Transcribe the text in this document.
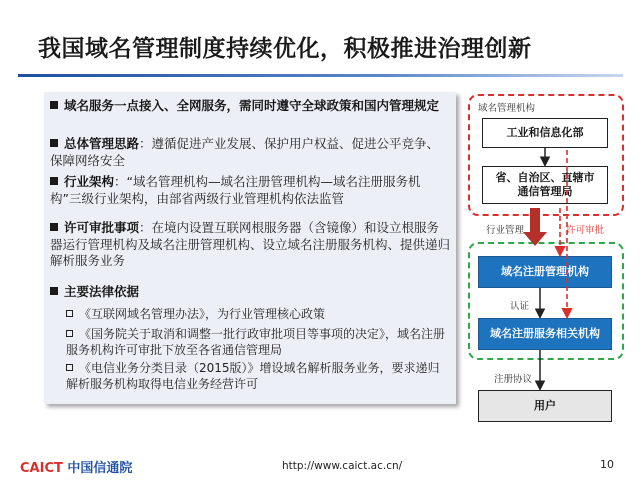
我国域名管理制度持续优化，积极推进治理创新
域名服务一点接入、全网服务，需同时遵守全球政策和国内管理规定
总体管理思路：遵循促进产业发展、保护用户权益、促进公平竞争、保障网络安全
行业架构：“域名管理机构—域名注册管理机构—域名注册服务机构”三级行业架构，由部省两级行业管理机构依法监管
许可审批事项：在境内设置互联网根服务器（含镜像）和设立根服务器运行管理机构及域名注册管理机构、设立域名注册服务机构、提供递归解析服务业务
主要法律依据
《互联网域名管理办法》，为行业管理核心政策
《国务院关于取消和调整一批行政审批项目等事项的决定》，域名注册服务机构许可审批下放至各省通信管理局
《电信业务分类目录（2015版）》增设域名解析服务业务，要求递归解析服务机构取得电信业务经营许可
域名管理机构
工业和信息化部
省、自治区、直辖市通信管理局
域名注册管理机构
域名注册服务相关机构
用户
行业管理	许可审批
认证
注册协议
CAICT 中国信通院	http://www.caict.ac.cn/	10
